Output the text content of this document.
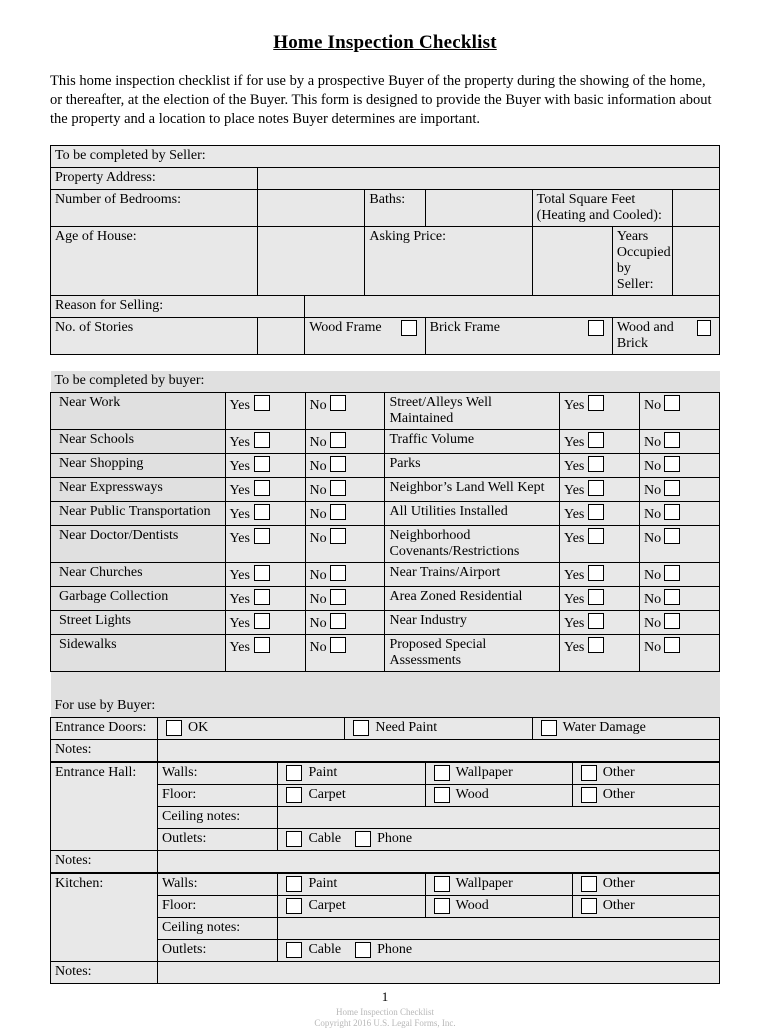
Home Inspection Checklist

This home inspection checklist if for use by a prospective Buyer of the property during the showing of the home, or thereafter, at the election of the Buyer. This form is designed to provide the Buyer with basic information about the property and a location to place notes Buyer determines are important.

To be completed by Seller:							
Property Address:							
Number of Bedrooms:			Baths:		Total Square Feet (Heating and Cooled):		
Age of House:			Asking Price:			Years Occupied by Seller:	
Reason for Selling:							
No. of Stories		Wood Frame		Brick Frame		Wood and Brick	
To be completed by buyer:					
Near Work	Yes	No	Street/Alleys Well Maintained	Yes	No
Near Schools	Yes	No	Traffic Volume	Yes	No
Near Shopping	Yes	No	Parks	Yes	No
Near Expressways	Yes	No	Neighbor’s Land Well Kept	Yes	No
Near Public Transportation	Yes	No	All Utilities Installed	Yes	No
Near Doctor/Dentists	Yes	No	Neighborhood Covenants/Restrictions	Yes	No
Near Churches	Yes	No	Near Trains/Airport	Yes	No
Garbage Collection	Yes	No	Area Zoned Residential	Yes	No
Street Lights	Yes	No	Near Industry	Yes	No
Sidewalks	Yes	No	Proposed Special Assessments	Yes	No

For use by Buyer:					
Entrance Doors:	OK	Need Paint	Water Damage

Notes:			
Entrance Hall:	Walls:	Paint	Wallpaper	Other

	Floor:	Carpet	Wood	Other

	Ceiling notes:			
	Outlets:	Cable Phone		

Notes:				
Kitchen:	Walls:	Paint	Wallpaper	Other

	Floor:	Carpet	Wood	Other

	Ceiling notes:			
	Outlets:	Cable Phone		

Notes:				
1
Home Inspection Checklist
Copyright 2016 U.S. Legal Forms, Inc.
